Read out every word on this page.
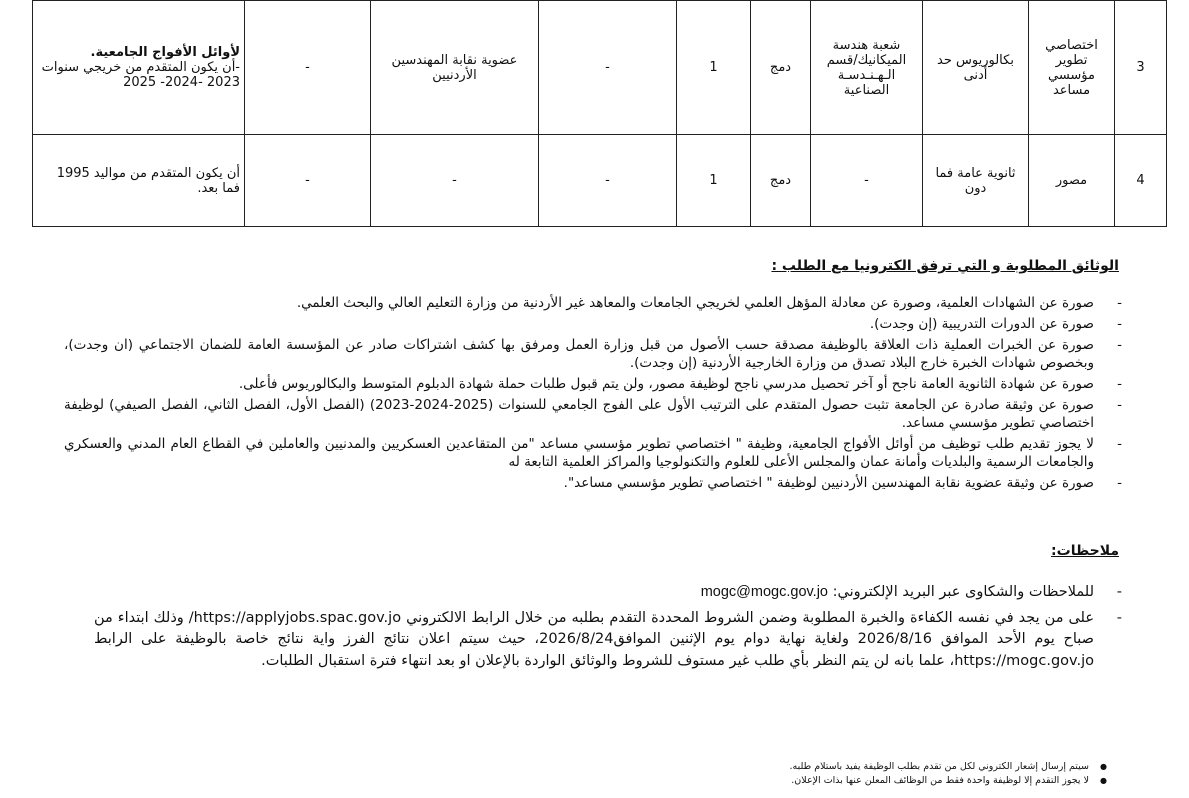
3	اختصاصي تطوير مؤسسي مساعد	بكالوريوس حد أدنى	شعبة هندسة الميكانيك/قسم الـهـنـدسـة الصناعية	دمج	1	-	عضوية نقابة المهندسين الأردنيين	-	لأوائل الأفواج الجامعية.
-أن يكون المتقدم من خريجي سنوات 2023 -2024- 2025

4	مصور	ثانوية عامة فما دون	-	دمج	1	-	-	-	أن يكون المتقدم من مواليد 1995 فما بعد.
الوثائق المطلوبة و التي ترفق الكترونيا مع الطلب :
- صورة عن الشهادات العلمية، وصورة عن معادلة المؤهل العلمي لخريجي الجامعات والمعاهد غير الأردنية من وزارة التعليم العالي والبحث العلمي.
- صورة عن الدورات التدريبية (إن وجدت).
- صورة عن الخبرات العملية ذات العلاقة بالوظيفة مصدقة حسب الأصول من قبل وزارة العمل ومرفق بها كشف اشتراكات صادر عن المؤسسة العامة للضمان الاجتماعي (ان وجدت)، وبخصوص شهادات الخبرة خارج البلاد تصدق من وزارة الخارجية الأردنية (إن وجدت).
- صورة عن شهادة الثانوية العامة ناجح أو آخر تحصيل مدرسي ناجح لوظيفة مصور، ولن يتم قبول طلبات حملة شهادة الدبلوم المتوسط والبكالوريوس فأعلى.
- صورة عن وثيقة صادرة عن الجامعة تثبت حصول المتقدم على الترتيب الأول على الفوج الجامعي للسنوات (2025-2024-2023) (الفصل الأول، الفصل الثاني، الفصل الصيفي) لوظيفة اختصاصي تطوير مؤسسي مساعد.
- لا يجوز تقديم طلب توظيف من أوائل الأفواج الجامعية، وظيفة " اختصاصي تطوير مؤسسي مساعد "من المتقاعدين العسكريين والمدنيين والعاملين في القطاع العام المدني والعسكري والجامعات الرسمية والبلديات وأمانة عمان والمجلس الأعلى للعلوم والتكنولوجيا والمراكز العلمية التابعة له
- صورة عن وثيقة عضوية نقابة المهندسين الأردنيين لوظيفة " اختصاصي تطوير مؤسسي مساعد".
ملاحظات:
- للملاحظات والشكاوى عبر البريد الإلكتروني: mogc@mogc.gov.jo
- على من يجد في نفسه الكفاءة والخبرة المطلوبة وضمن الشروط المحددة التقدم بطلبه من خلال الرابط الالكتروني https://applyjobs.spac.gov.jo/ وذلك ابتداء من صباح يوم الأحد الموافق 2026/8/16 ولغاية نهاية دوام يوم الإثنين الموافق2026/8/24، حيث سيتم اعلان نتائج الفرز واية نتائج خاصة بالوظيفة على الرابط https://mogc.gov.jo، علما بانه لن يتم النظر بأي طلب غير مستوف للشروط والوثائق الواردة بالإعلان او بعد انتهاء فترة استقبال الطلبات.
● سيتم إرسال إشعار الكتروني لكل من تقدم بطلب الوظيفة يفيد باستلام طلبه.
● لا يجوز التقدم إلا لوظيفة واحدة فقط من الوظائف المعلن عنها بذات الإعلان.
